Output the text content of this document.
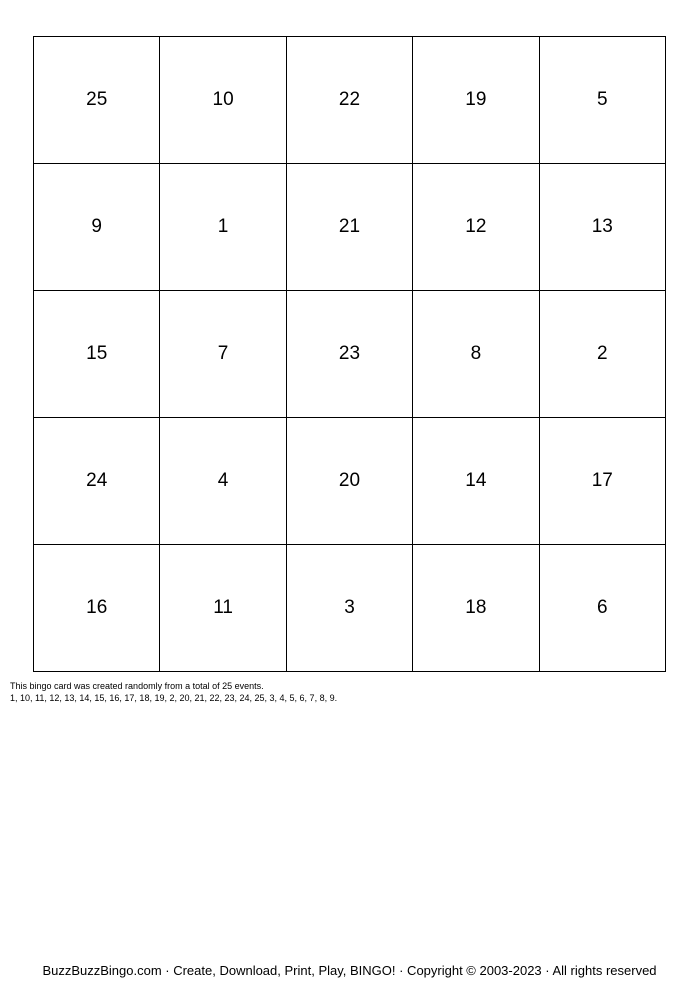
25	10	22	19	5
9	1	21	12	13
15	7	23	8	2
24	4	20	14	17
16	11	3	18	6
This bingo card was created randomly from a total of 25 events.
1, 10, 11, 12, 13, 14, 15, 16, 17, 18, 19, 2, 20, 21, 22, 23, 24, 25, 3, 4, 5, 6, 7, 8, 9.
BuzzBuzzBingo.com · Create, Download, Print, Play, BINGO! · Copyright © 2003-2023 · All rights reserved
